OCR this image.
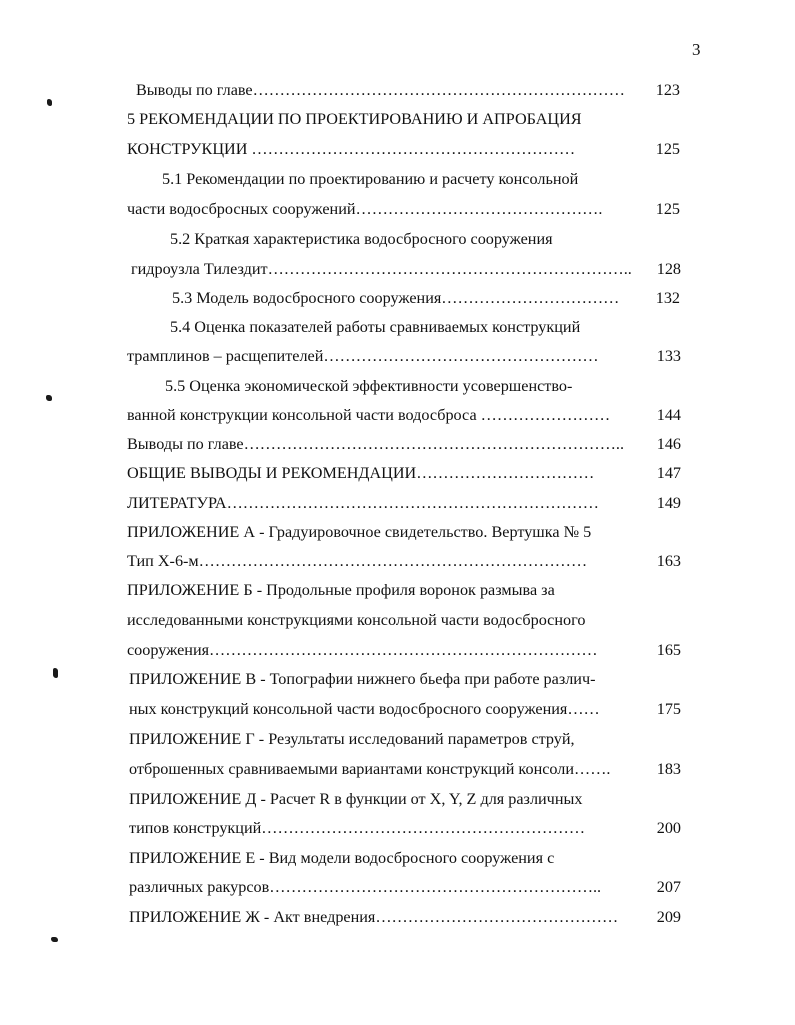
3
Выводы по главе…………………………………………………………… 123
5 РЕКОМЕНДАЦИИ ПО ПРОЕКТИРОВАНИЮ И АПРОБАЦИЯ
КОНСТРУКЦИИ ……………………………………………………	125
5.1 Рекомендации по проектированию и расчету консольной
части водосбросных сооружений……………………………………….	125
5.2 Краткая характеристика водосбросного сооружения
гидроузла Тилездит………………………………………………………….. 128
5.3 Модель водосбросного сооружения…………………………… 132
5.4 Оценка показателей работы сравниваемых конструкций
трамплинов – расщепителей……………………………………………	133
5.5 Оценка экономической эффективности усовершенство-
ванной конструкции консольной части водосброса ……………………	144
Выводы по главе…………………………………………………………….. 146
ОБЩИЕ ВЫВОДЫ И РЕКОМЕНДАЦИИ……………………………	147
ЛИТЕРАТУРА……………………………………………………………	149
ПРИЛОЖЕНИЕ А - Градуировочное свидетельство. Вертушка № 5
Тип Х-6-м………………………………………………………………	163
ПРИЛОЖЕНИЕ Б - Продольные профиля воронок размыва за
исследованными конструкциями консольной части водосбросного
сооружения………………………………………………………………	165
ПРИЛОЖЕНИЕ В - Топографии нижнего бьефа при работе различ-
ных конструкций консольной части водосбросного сооружения……	175
ПРИЛОЖЕНИЕ Г - Результаты исследований параметров струй,
отброшенных сравниваемыми вариантами конструкций консоли…….	183
ПРИЛОЖЕНИЕ Д - Расчет R в функции от X, Y, Z для различных
типов конструкций……………………………………………………	200
ПРИЛОЖЕНИЕ Е - Вид модели водосбросного сооружения с
различных ракурсов……………………………………………………..	207
ПРИЛОЖЕНИЕ Ж - Акт внедрения……………………………………… 209
